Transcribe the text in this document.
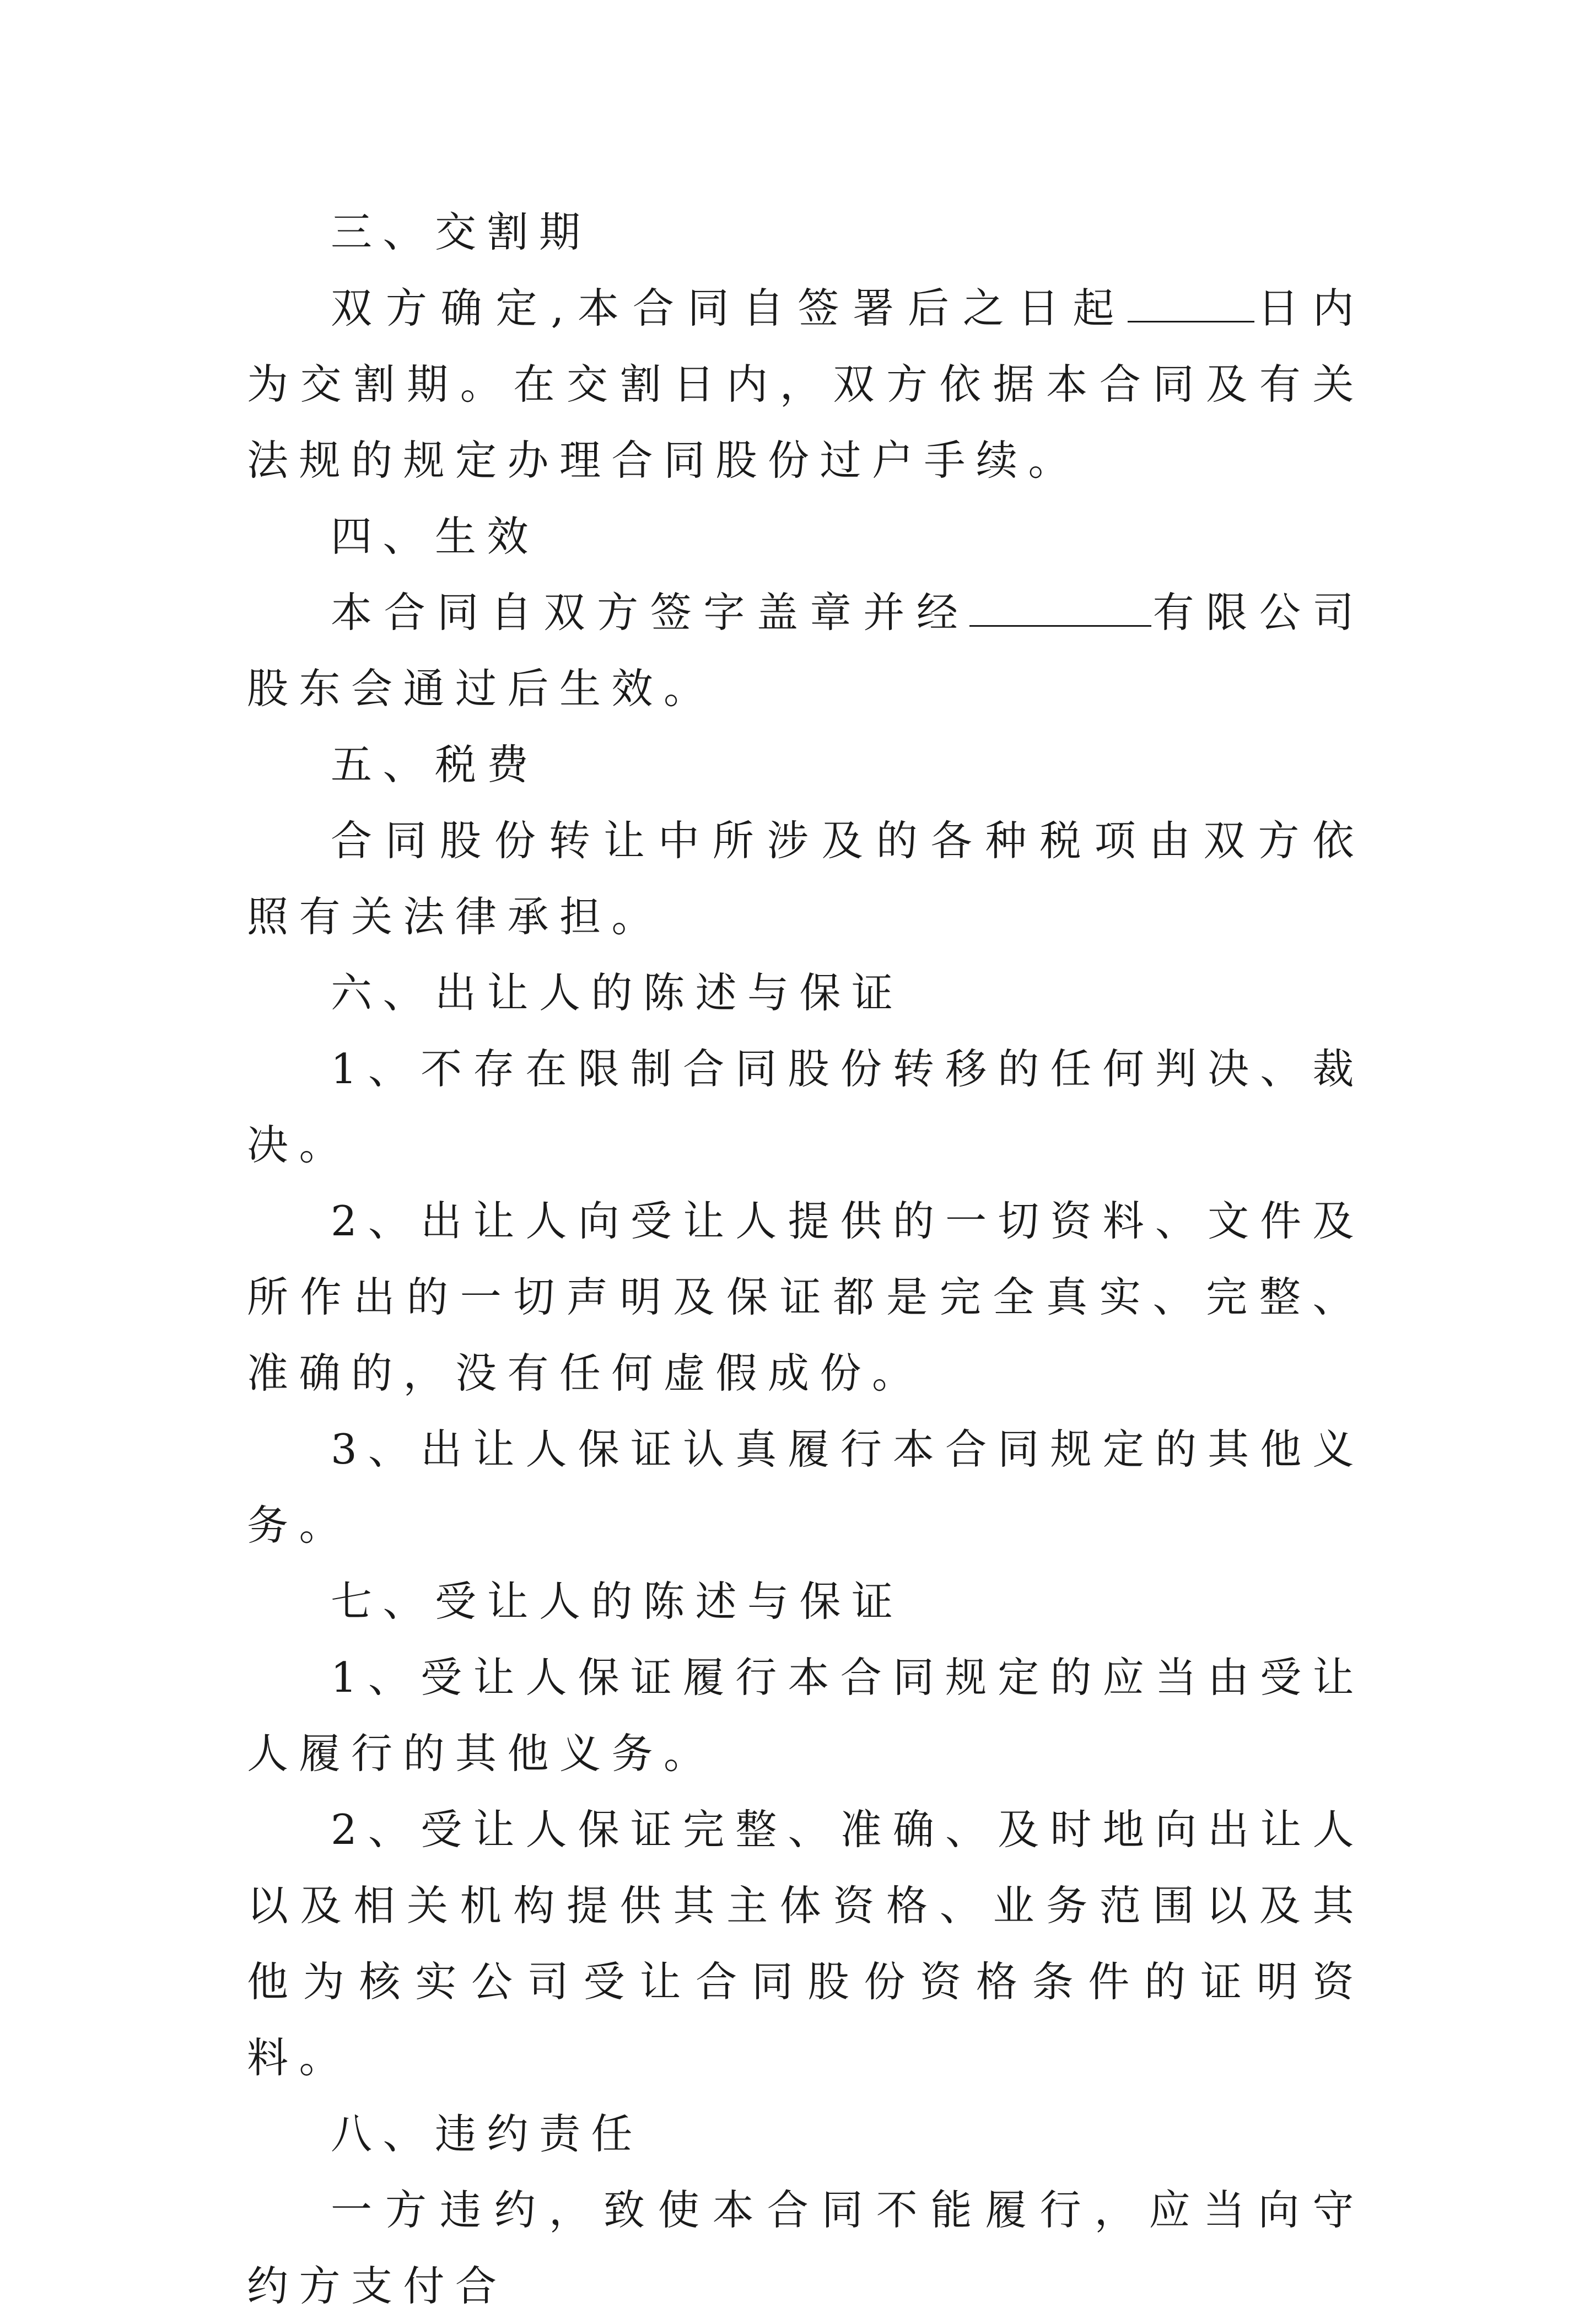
三、交割期

双方确定,本合同自签署后之日起	日内为交割期。在交割日内，双方依据本合同及有关法规的规定办理合同股份过户手续。

四、生效

本合同自双方签字盖章并经	有限公司股东会通过后生效。

五、税费

合同股份转让中所涉及的各种税项由双方依照有关法律承担。

六、出让人的陈述与保证

1、不存在限制合同股份转移的任何判决、裁决。

2、出让人向受让人提供的一切资料、文件及所作出的一切声明及保证都是完全真实、完整、准确的，没有任何虚假成份。

3、出让人保证认真履行本合同规定的其他义务。

七、受让人的陈述与保证

1、受让人保证履行本合同规定的应当由受让人履行的其他义务。

2、受让人保证完整、准确、及时地向出让人以及相关机构提供其主体资格、业务范围以及其他为核实公司受让合同股份资格条件的证明资料。

八、违约责任

一方违约，致使本合同不能履行，应当向守约方支付合
